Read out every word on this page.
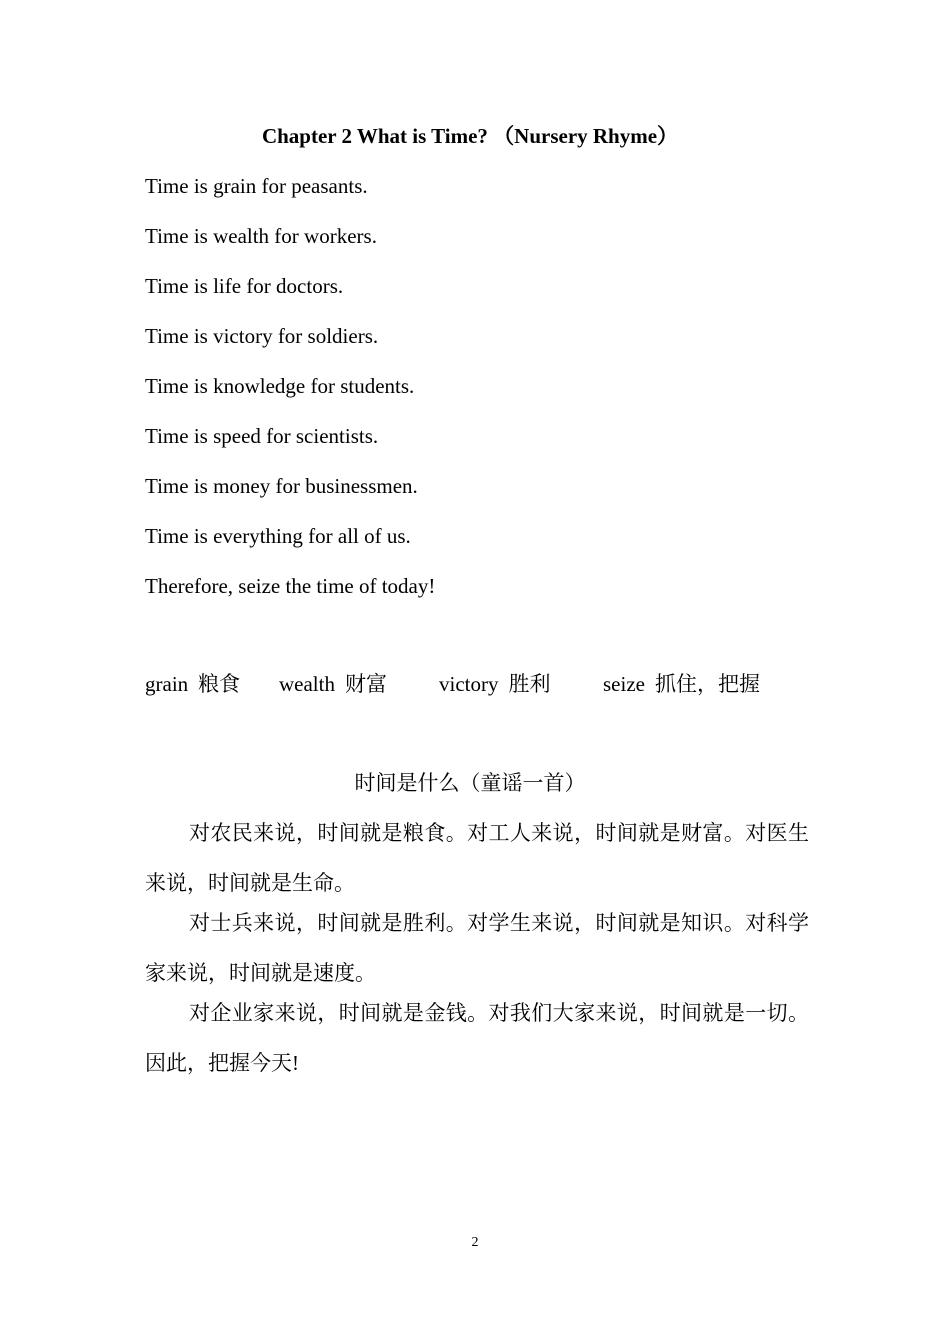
Chapter 2 What is Time? （Nursery Rhyme）
Time is grain for peasants.
Time is wealth for workers.
Time is life for doctors.
Time is victory for soldiers.
Time is knowledge for students.
Time is speed for scientists.
Time is money for businessmen.
Time is everything for all of us.
Therefore, seize the time of today!
grain 粮食 wealth 财富 victory 胜利	seize 抓住，把握
时间是什么（童谣一首）

对农民来说，时间就是粮食。对工人来说，时间就是财富。对医生来说，时间就是生命。

对士兵来说，时间就是胜利。对学生来说，时间就是知识。对科学家来说，时间就是速度。

对企业家来说，时间就是金钱。对我们大家来说，时间就是一切。因此，把握今天!

2
